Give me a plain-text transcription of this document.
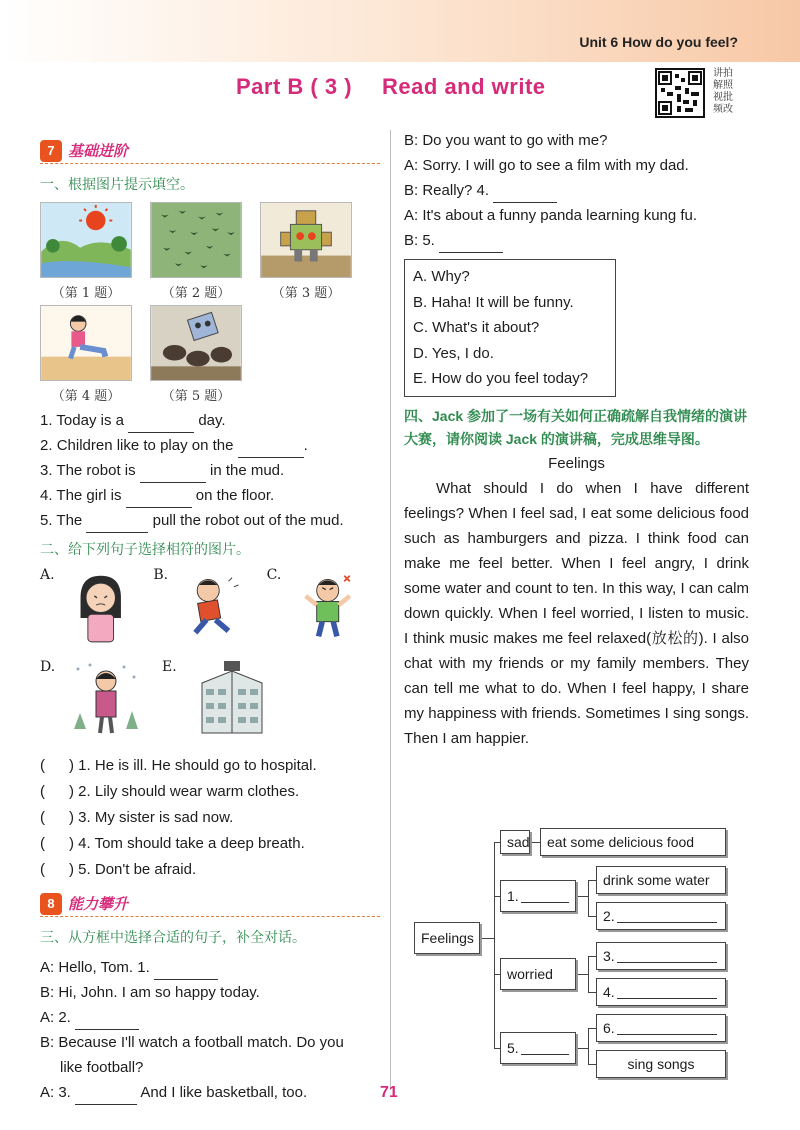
Unit 6 How do you feel?
Part B ( 3 ) Read and write
讲拍
解照
视批
频改
7 基础进阶
一、根据图片提示填空。
（第 1 题）	（第 2 题）	（第 3 题）
（第 4 题）	（第 5 题）
1. Today is a	day.
2. Children like to play on the	.
3. The robot is	in the mud.
4. The girl is	on the floor.
5. The	pull the robot out of the mud.
二、给下列句子选择相符的图片。
A.	B.	C.
D.	E.
( ) 1. He is ill. He should go to hospital.
( ) 2. Lily should wear warm clothes.
( ) 3. My sister is sad now.
( ) 4. Tom should take a deep breath.
( ) 5. Don't be afraid.
8 能力攀升
三、从方框中选择合适的句子，补全对话。
A: Hello, Tom. 1.
B: Hi, John. I am so happy today.
A: 2.
B: Because I'll watch a football match. Do you
like football?
A: 3.	And I like basketball, too.
B: Do you want to go with me?
A: Sorry. I will go to see a film with my dad.
B: Really? 4.
A: It's about a funny panda learning kung fu.
B: 5.
A. Why?
B. Haha! It will be funny.
C. What's it about?
D. Yes, I do.
E. How do you feel today?
四、Jack 参加了一场有关如何正确疏解自我情绪的演讲大赛，请你阅读 Jack 的演讲稿，完成思维导图。
Feelings
What should I do when I have different feelings? When I feel sad, I eat some delicious food such as hamburgers and pizza. I think food can make me feel better. When I feel angry, I drink some water and count to ten. In this way, I can calm down quickly. When I feel worried, I listen to music. I think music makes me feel relaxed(放松的). I also chat with my friends or my family members. They can tell me what to do. When I feel happy, I share my happiness with friends. Sometimes I sing songs. Then I am happier.
Feelings
sad	eat some delicious food
1.
drink some water
2.
worried
3.
4.
5.
6.
sing songs
71
